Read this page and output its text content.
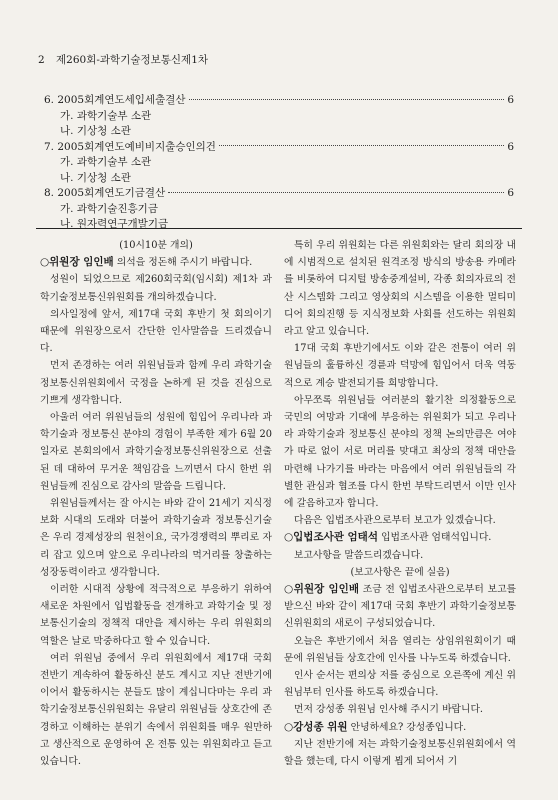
2 제260회-과학기술정보통신제1차
6. 2005회계연도세입세출결산	6
가. 과학기술부 소관
나. 기상청 소관
7. 2005회계연도예비비지출승인의건	6
가. 과학기술부 소관
나. 기상청 소관
8. 2005회계연도기금결산	6
가. 과학기술진흥기금
나. 원자력연구개발기금

(10시10분 개의)

○위원장 임인배 의석을 정돈해 주시기 바랍니다.

성원이 되었으므로 제260회국회(임시회) 제1차 과학기술정보통신위원회를 개의하겠습니다.

의사일정에 앞서, 제17대 국회 후반기 첫 회의이기 때문에 위원장으로서 간단한 인사말씀을 드리겠습니다.

먼저 존경하는 여러 위원님들과 함께 우리 과학기술정보통신위원회에서 국정을 논하게 된 것을 진심으로 기쁘게 생각합니다.

아울러 여러 위원님들의 성원에 힘입어 우리나라 과학기술과 정보통신 분야의 경험이 부족한 제가 6월 20일자로 본회의에서 과학기술정보통신위원장으로 선출된 데 대하여 무거운 책임감을 느끼면서 다시 한번 위원님들께 진심으로 감사의 말씀을 드립니다.

위원님들께서는 잘 아시는 바와 같이 21세기 지식정보화 시대의 도래와 더불어 과학기술과 정보통신기술은 우리 경제성장의 원천이요, 국가경쟁력의 뿌리로 자리 잡고 있으며 앞으로 우리나라의 먹거리를 창출하는 성장동력이라고 생각합니다.

이러한 시대적 상황에 적극적으로 부응하기 위하여 새로운 차원에서 입법활동을 전개하고 과학기술 및 정보통신기술의 정책적 대안을 제시하는 우리 위원회의 역할은 날로 막중하다고 할 수 있습니다.

여러 위원님 중에서 우리 위원회에서 제17대 국회 전반기 계속하여 활동하신 분도 계시고 지난 전반기에 이어서 활동하시는 분들도 많이 계십니다마는 우리 과학기술정보통신위원회는 유달리 위원님들 상호간에 존경하고 이해하는 분위기 속에서 위원회를 매우 원만하고 생산적으로 운영하여 온 전통 있는 위원회라고 듣고 있습니다.

특히 우리 위원회는 다른 위원회와는 달리 회의장 내에 시범적으로 설치된 원격조정 방식의 방송용 카메라를 비롯하여 디지털 방송중계설비, 각종 회의자료의 전산 시스템화 그리고 영상회의 시스템을 이용한 멀티미디어 회의진행 등 지식정보화 사회를 선도하는 위원회라고 알고 있습니다.

17대 국회 후반기에서도 이와 같은 전통이 여러 위원님들의 훌륭하신 경륜과 덕망에 힘입어서 더욱 역동적으로 계승 발전되기를 희망합니다.

아무쪼록 위원님들 여러분의 활기찬 의정활동으로 국민의 여망과 기대에 부응하는 위원회가 되고 우리나라 과학기술과 정보통신 분야의 정책 논의만큼은 여야가 따로 없이 서로 머리를 맞대고 최상의 정책 대안을 마련해 나가기를 바라는 마음에서 여러 위원님들의 각별한 관심과 협조를 다시 한번 부탁드리면서 이만 인사에 갈음하고자 합니다.

다음은 입법조사관으로부터 보고가 있겠습니다.

○입법조사관 엄태석 입법조사관 엄태석입니다.

보고사항을 말씀드리겠습니다.

(보고사항은 끝에 실음)

○위원장 임인배 조금 전 입법조사관으로부터 보고를 받으신 바와 같이 제17대 국회 후반기 과학기술정보통신위원회의 새로이 구성되었습니다.

오늘은 후반기에서 처음 열리는 상임위원회이기 때문에 위원님들 상호간에 인사를 나누도록 하겠습니다.

인사 순서는 편의상 저를 중심으로 오른쪽에 계신 위원님부터 인사를 하도록 하겠습니다.

먼저 강성종 위원님 인사해 주시기 바랍니다.

○강성종 위원 안녕하세요? 강성종입니다.

지난 전반기에 저는 과학기술정보통신위원회에서 역할을 했는데, 다시 이렇게 뵙게 되어서 기
